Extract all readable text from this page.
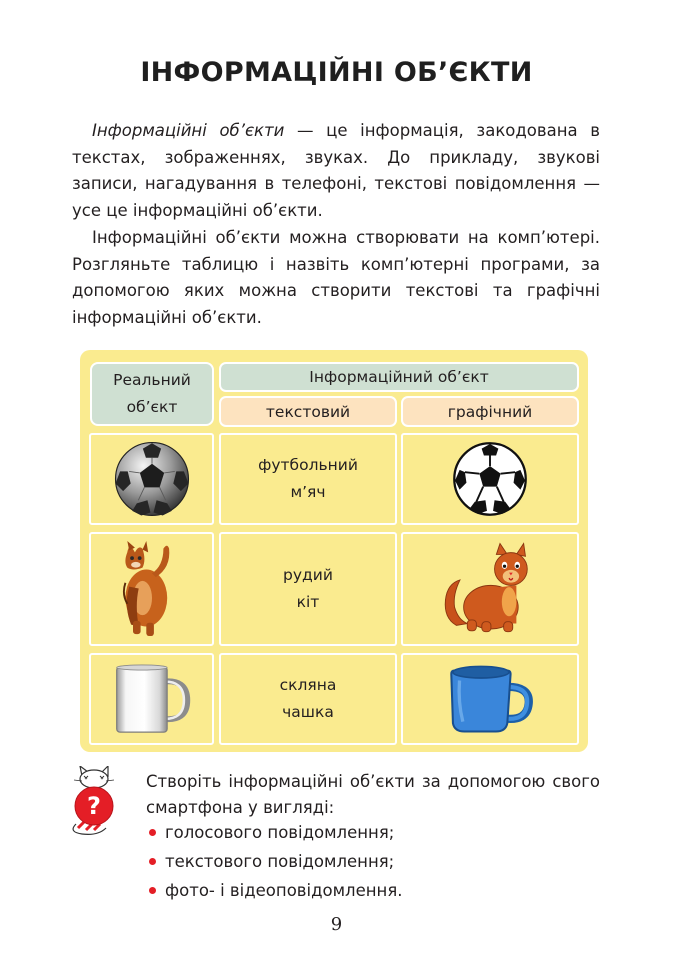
ІНФОРМАЦІЙНІ ОБ’ЄКТИ

Інформаційні об’єкти — це інформація, закодована в текстах, зображеннях, звуках. До прикладу, звукові записи, нагадування в телефоні, текстові повідомлення — усе це інформаційні об’єкти.

Інформаційні об’єкти можна створювати на комп’ютері. Розгляньте таблицю і назвіть комп’ютерні програми, за допомогою яких можна створити текстові та графічні інформаційні об’єкти.

Реальний
об’єкт
Інформаційний об’єкт
текстовий	графічний
футбольний
м’яч
рудий
кіт
скляна
чашка
?

Створіть інформаційні об’єкти за допомогою свого смартфона у вигляді:

голосового повідомлення;
текстового повідомлення;
фото- і відеоповідомлення.
9
